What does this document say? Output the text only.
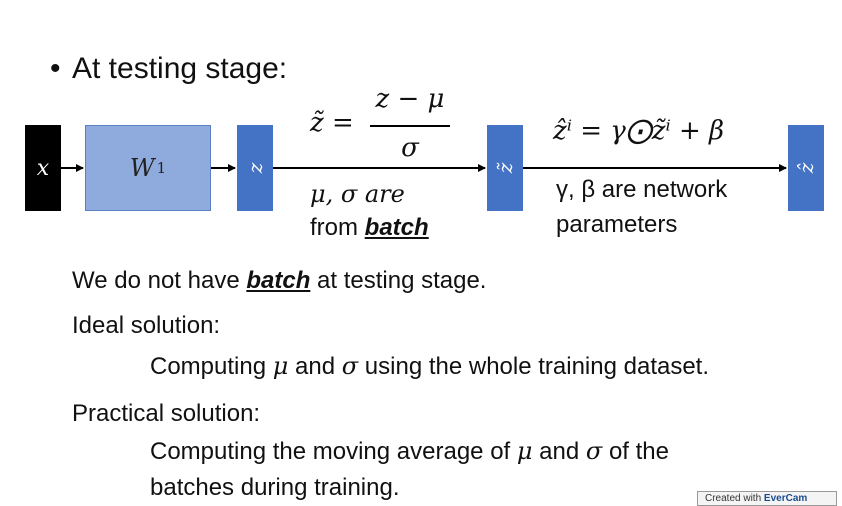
• At testing stage:
x	W 1	z	z̃	ẑ
z̃ =
z − μ
σ
μ, σ are
from batch
ẑⁱ = γ⨀z̃ⁱ + β
γ, β are network
parameters
We do not have batch at testing stage.
Ideal solution:
Computing μ and σ using the whole training dataset.
Practical solution:
Computing the moving average of μ and σ of the
batches during training.	Created with EverCam
